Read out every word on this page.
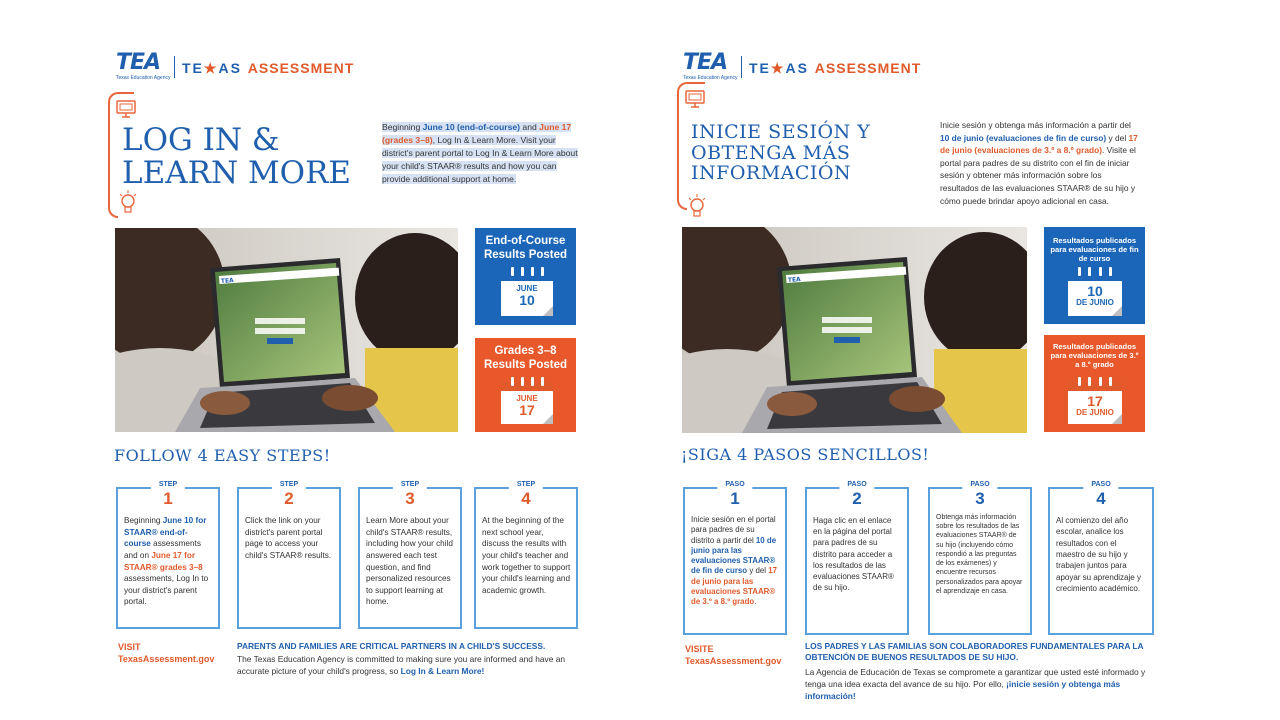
TEA
Texas Education Agency
TE★AS ASSESSMENT
LOG IN &
LEARN MORE
Beginning June 10 (end-of-course) and June 17 (grades 3–8), Log In & Learn More. Visit your district's parent portal to Log In & Learn More about your child's STAAR® results and how you can provide additional support at home.
TEA
End-of-Course Results Posted
JUNE
10
Grades 3–8 Results Posted
JUNE
17
FOLLOW 4 EASY STEPS!
STEP
1
Beginning June 10 for STAAR® end-of-course assessments and on June 17 for STAAR® grades 3–8 assessments, Log In to your district's parent portal.
STEP
2
Click the link on your district's parent portal page to access your child's STAAR® results.
STEP
3
Learn More about your child's STAAR® results, including how your child answered each test question, and find personalized resources to support learning at home.
STEP
4
At the beginning of the next school year, discuss the results with your child's teacher and work together to support your child's learning and academic growth.
VISIT
TexasAssessment.gov
PARENTS AND FAMILIES ARE CRITICAL PARTNERS IN A CHILD'S SUCCESS.
The Texas Education Agency is committed to making sure you are informed and have an accurate picture of your child's progress, so Log In & Learn More!
TEA
Texas Education Agency
TE★AS ASSESSMENT
INICIE SESIÓN Y
OBTENGA MÁS
INFORMACIÓN
Inicie sesión y obtenga más información a partir del 10 de junio (evaluaciones de fin de curso) y del 17 de junio (evaluaciones de 3.º a 8.º grado). Visite el portal para padres de su distrito con el fin de iniciar sesión y obtener más información sobre los resultados de las evaluaciones STAAR® de su hijo y cómo puede brindar apoyo adicional en casa.
TEA
Resultados publicados para evaluaciones de fin de curso
10
DE JUNIO
Resultados publicados para evaluaciones de 3.º a 8.º grado
17
DE JUNIO
¡SIGA 4 PASOS SENCILLOS!
PASO
1
Inicie sesión en el portal para padres de su distrito a partir del 10 de junio para las evaluaciones STAAR® de fin de curso y del 17 de junio para las evaluaciones STAAR® de 3.º a 8.º grado.
PASO
2
Haga clic en el enlace en la página del portal para padres de su distrito para acceder a los resultados de las evaluaciones STAAR® de su hijo.
PASO
3
Obtenga más información sobre los resultados de las evaluaciones STAAR® de su hijo (incluyendo cómo respondió a las preguntas de los exámenes) y encuentre recursos personalizados para apoyar el aprendizaje en casa.
PASO
4
Al comienzo del año escolar, analice los resultados con el maestro de su hijo y trabajen juntos para apoyar su aprendizaje y crecimiento académico.
VISITE
TexasAssessment.gov
LOS PADRES Y LAS FAMILIAS SON COLABORADORES FUNDAMENTALES PARA LA OBTENCIÓN DE BUENOS RESULTADOS DE SU HIJO.
La Agencia de Educación de Texas se compromete a garantizar que usted esté informado y tenga una idea exacta del avance de su hijo. Por ello, ¡inicie sesión y obtenga más información!
